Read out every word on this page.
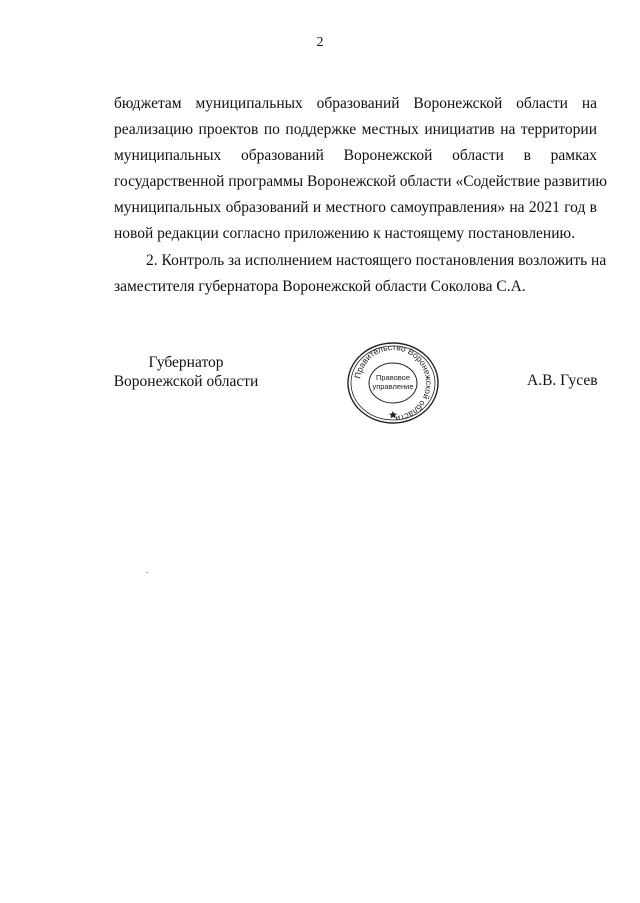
2
бюджетам муниципальных образований Воронежской области на
реализацию проектов по поддержке местных инициатив на территории
муниципальных образований Воронежской области в рамках
государственной программы Воронежской области «Содействие развитию
муниципальных образований и местного самоуправления» на 2021 год в
новой редакции согласно приложению к настоящему постановлению.
2. Контроль за исполнением настоящего постановления возложить на
заместителя губернатора Воронежской области Соколова С.А.
Губернатор
Воронежской области	Правительство Воронежской области
Правовое
управление	А.В. Гусев
